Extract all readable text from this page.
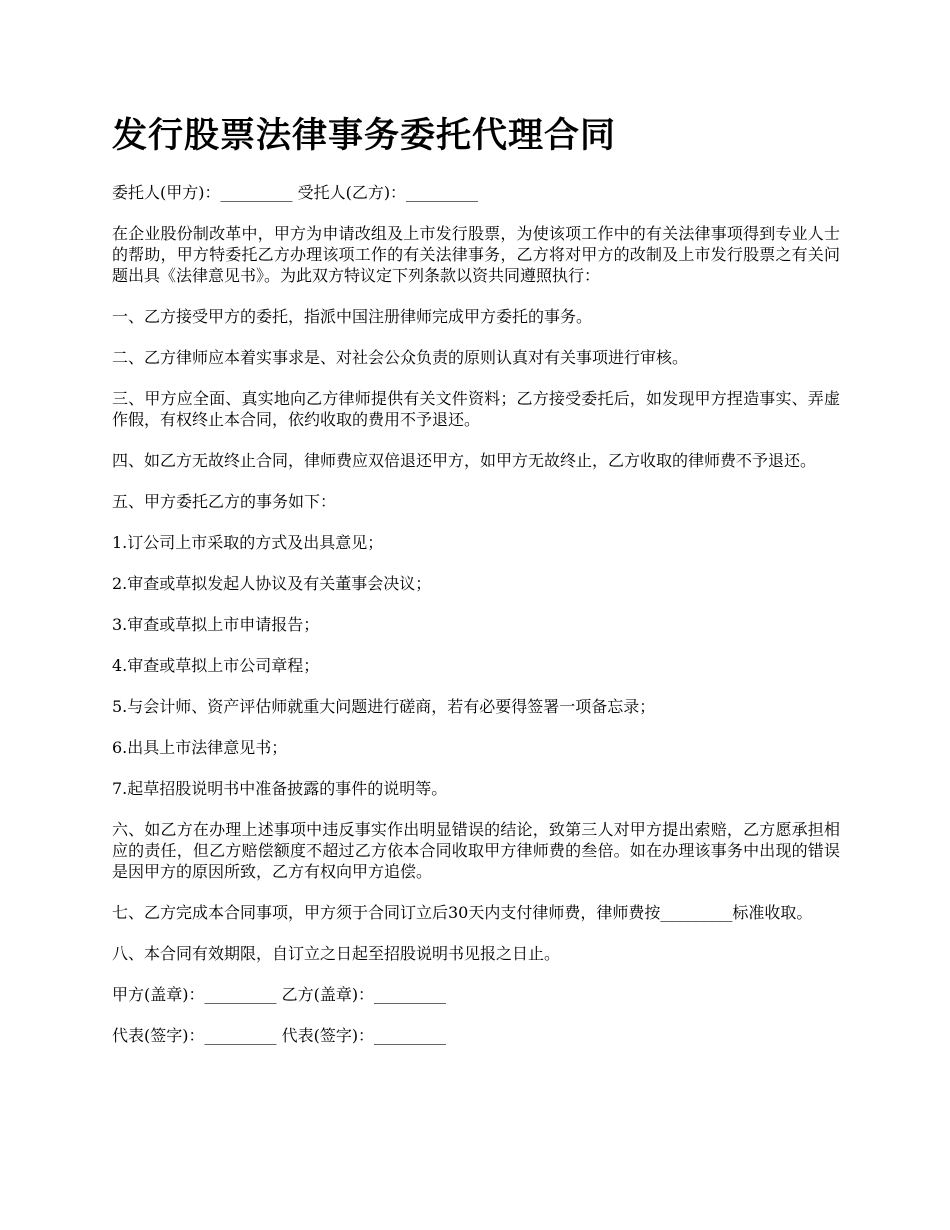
发行股票法律事务委托代理合同

委托人(甲方)：_________ 受托人(乙方)：_________

在企业股份制改革中，甲方为申请改组及上市发行股票，为使该项工作中的有关法律事项得到专业人士的帮助，甲方特委托乙方办理该项工作的有关法律事务，乙方将对甲方的改制及上市发行股票之有关问题出具《法律意见书》。为此双方特议定下列条款以资共同遵照执行：

一、乙方接受甲方的委托，指派中国注册律师完成甲方委托的事务。

二、乙方律师应本着实事求是、对社会公众负责的原则认真对有关事项进行审核。

三、甲方应全面、真实地向乙方律师提供有关文件资料；乙方接受委托后，如发现甲方捏造事实、弄虚作假，有权终止本合同，依约收取的费用不予退还。

四、如乙方无故终止合同，律师费应双倍退还甲方，如甲方无故终止，乙方收取的律师费不予退还。

五、甲方委托乙方的事务如下：

1.订公司上市采取的方式及出具意见；

2.审查或草拟发起人协议及有关董事会决议；

3.审查或草拟上市申请报告；

4.审查或草拟上市公司章程；

5.与会计师、资产评估师就重大问题进行磋商，若有必要得签署一项备忘录；

6.出具上市法律意见书；

7.起草招股说明书中准备披露的事件的说明等。

六、如乙方在办理上述事项中违反事实作出明显错误的结论，致第三人对甲方提出索赔，乙方愿承担相应的责任，但乙方赔偿额度不超过乙方依本合同收取甲方律师费的叁倍。如在办理该事务中出现的错误是因甲方的原因所致，乙方有权向甲方追偿。

七、乙方完成本合同事项，甲方须于合同订立后30天内支付律师费，律师费按_________标准收取。

八、本合同有效期限，自订立之日起至招股说明书见报之日止。

甲方(盖章)：_________ 乙方(盖章)：_________

代表(签字)：_________ 代表(签字)：_________
